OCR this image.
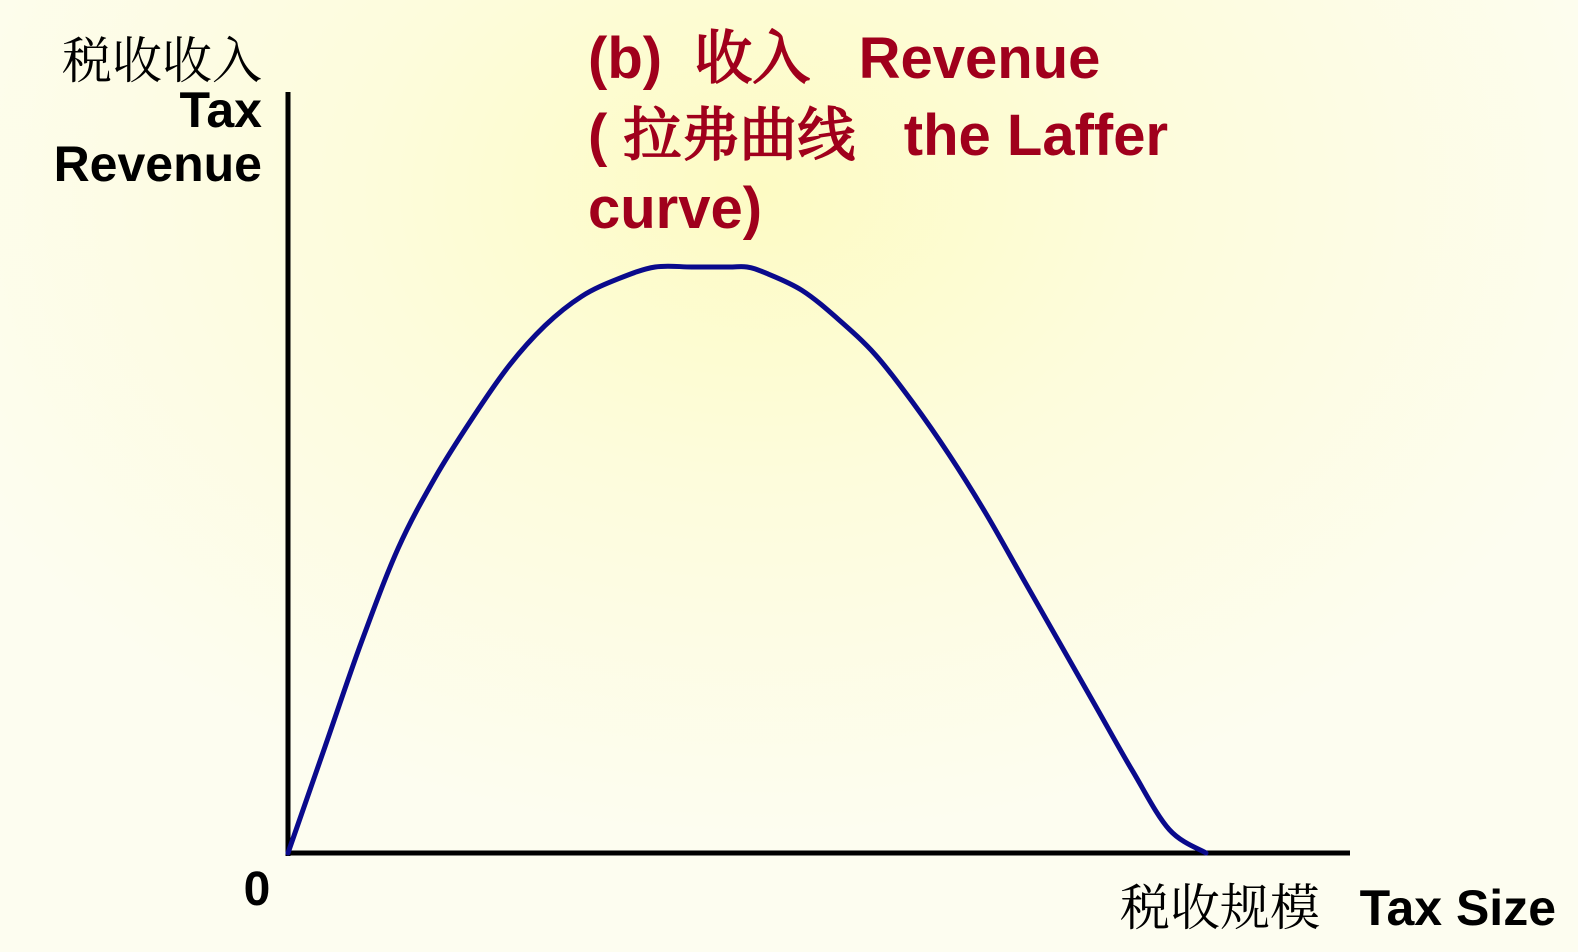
(b)  收入   Revenue
( 拉弗曲线   the Laffer
curve)
税收收入
Tax
Revenue
0	税收规模 Tax Size
